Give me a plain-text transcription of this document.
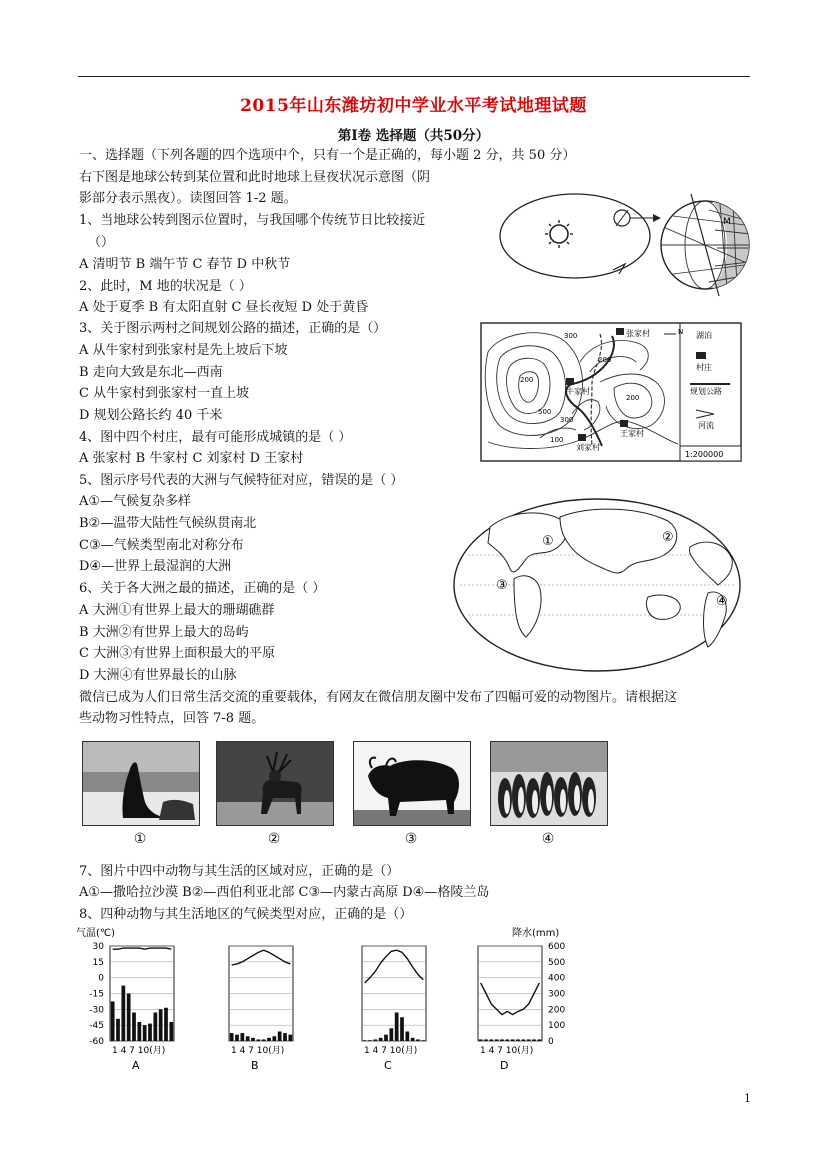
2015年山东潍坊初中学业水平考试地理试题
第Ⅰ卷 选择题（共50分）
一、选择题（下列各题的四个选项中个，只有一个是正确的，每小题 2 分，共 50 分）
右下图是地球公转到某位置和此时地球上昼夜状况示意图（阴
影部分表示黑夜）。读图回答 1-2 题。
1、当地球公转到图示位置时，与我国哪个传统节日比较接近
（）
A 清明节 B 端午节 C 春节 D 中秋节
2、此时，M 地的状况是（ ）
A 处于夏季 B 有太阳直射 C 昼长夜短 D 处于黄昏
3、关于图示两村之间规划公路的描述，正确的是（）
A 从牛家村到张家村是先上坡后下坡
B 走向大致是东北—西南
C 从牛家村到张家村一直上坡
D 规划公路长约 40 千米
4、图中四个村庄，最有可能形成城镇的是（ ）
A 张家村 B 牛家村 C 刘家村 D 王家村
5、图示序号代表的大洲与气候特征对应，错误的是（ ）
A①—气候复杂多样
B②—温带大陆性气候纵贯南北
C③—气候类型南北对称分布
D④—世界上最湿润的大洲
6、关于各大洲之最的描述，正确的是（ ）
A 大洲①有世界上最大的珊瑚礁群
B 大洲②有世界上最大的岛屿
C 大洲③有世界上面积最大的平原
D 大洲④有世界最长的山脉
微信已成为人们日常生活交流的重要载体，有网友在微信朋友圈中发布了四幅可爱的动物图片。请根据这
些动物习性特点，回答 7-8 题。
M
张家村
牛家村
王家村
刘家村
300
200
200
500
300
200
100
N 湖泊
村庄
规划公路
河流
1:200000
①	②
③
④
①	②	③	④
7、图片中四中动物与其生活的区域对应，正确的是（）
A①—撒哈拉沙漠 B②—西伯利亚北部 C③—内蒙古高原 D④—格陵兰岛
8、四种动物与其生活地区的气候类型对应，正确的是（）
气温(℃)	降水(mm)
30
15
0
-15
-30
-45
-60
600
500
400
300
200
100
0
1 4 7 10(月)
A
1 4 7 10(月)
B
1 4 7 10(月)
C
1 4 7 10(月)
D
1
